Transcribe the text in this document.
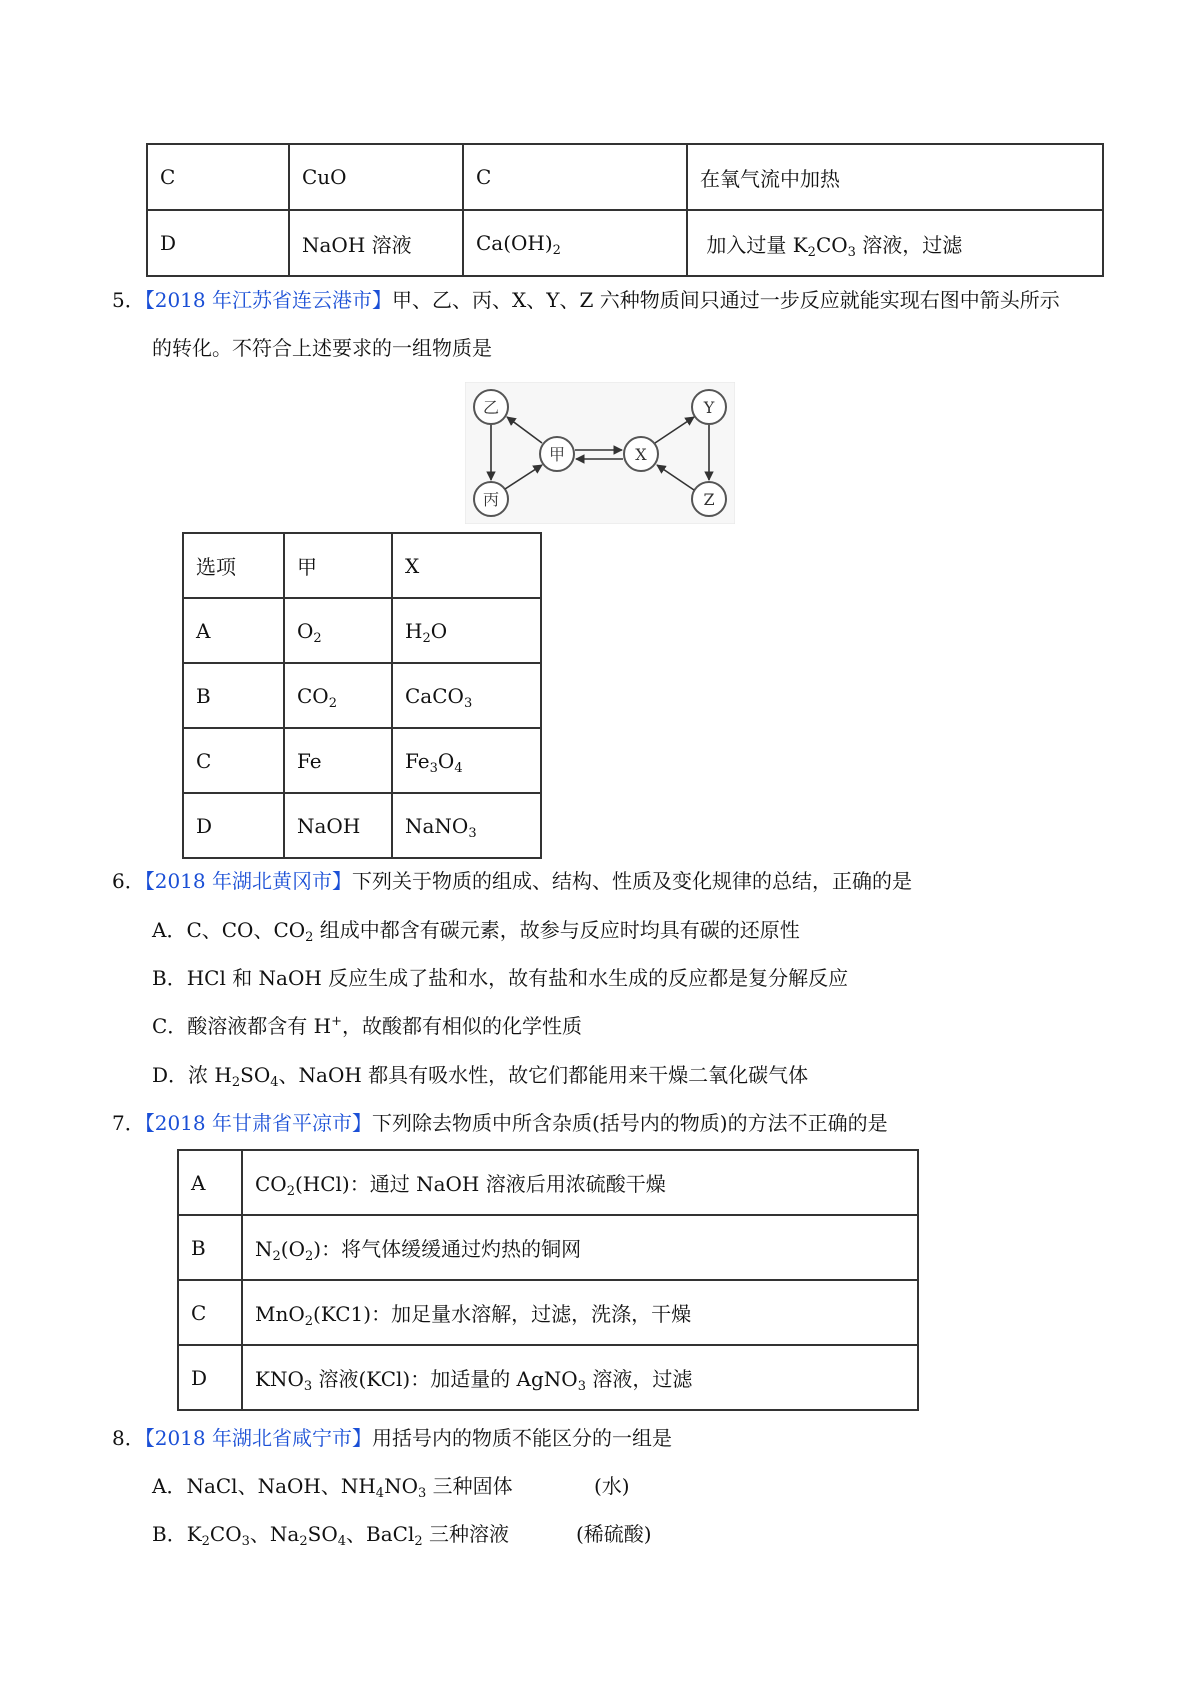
C	CuO	C	在氧气流中加热
D	NaOH 溶液	$Ca(OH)_2$	加入过量 $K_2CO_3$ 溶液，过滤
5．【2018 年江苏省连云港市】甲、乙、丙、X、Y、Z 六种物质间只通过一步反应就能实现右图中箭头所示
的转化。不符合上述要求的一组物质是
乙
丙
甲	X
Y
Z
选项	甲	X
A	$O_2$	$H_2O$
B	$CO_2$	CaCO$_3$
C	Fe	$Fe_3O_4$
D	NaOH	NaNO$_3$
6．【2018 年湖北黄冈市】下列关于物质的组成、结构、性质及变化规律的总结，正确的是
A．C、CO、$CO_2$ 组成中都含有碳元素，故参与反应时均具有碳的还原性
B．HCl 和 NaOH 反应生成了盐和水，故有盐和水生成的反应都是复分解反应
C．酸溶液都含有 H+，故酸都有相似的化学性质
D．浓 $H_2SO_4$、NaOH 都具有吸水性，故它们都能用来干燥二氧化碳气体
7．【2018 年甘肃省平凉市】下列除去物质中所含杂质(括号内的物质)的方法不正确的是
A	$CO_2(HCl)$：通过 NaOH 溶液后用浓硫酸干燥
B	$N_2(O_2)$：将气体缓缓通过灼热的铜网
C	MnO$_2$(KC1)：加足量水溶解，过滤，洗涤，干燥
D	$KNO_3$ 溶液(KCl)：加适量的 AgNO$_3$ 溶液，过滤
8．【2018 年湖北省咸宁市】用括号内的物质不能区分的一组是
A．NaCl、NaOH、$NH_4NO_3$ 三种固体	(水)
B．$K_2CO_3$、$Na_2SO_4$、BaCl$_2$ 三种溶液	(稀硫酸)
